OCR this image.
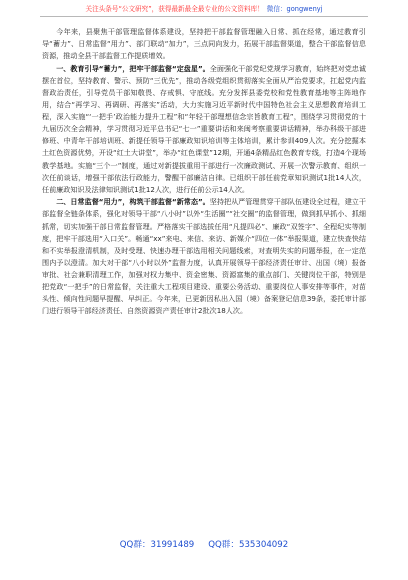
关注头条号“公文研究”，获得最新最全最专业的公文资料库！ 微信：gongwenyj

今年来，县聚焦干部管理监督体系建设，坚持把干部监督管理融入日常、抓在经常，通过教育引导“蓄力”、日常监督“用力”、部门联动“加力”，三点同向发力，拓展干部监督渠道，整合干部监督信息资源，推动全县干部监督工作提质增效。

一、教育引导“蓄力”，把牢干部监督“定盘星”。全面强化干部党纪党规学习教育，始终把对党忠诚摆在首位，坚持教育、警示、预防“三优先”，推动各级党组织贯彻落实全面从严治党要求，扛起党内监督政治责任，引导党员干部知敬畏、存戒惧、守底线。充分发挥县委党校和党性教育基地等主阵地作用，结合“再学习、再调研、再落实”活动，大力实施习近平新时代中国特色社会主义思想教育培训工程，深入实施“‘一把手’政治能力提升工程”和“年轻干部理想信念宗旨教育工程”，围绕学习贯彻党的十九届历次全会精神，学习贯彻习近平总书记“七一”重要讲话和来闽考察重要讲话精神，举办科级干部进修班、中青年干部培训班、新提任领导干部廉政知识培训等主体培训，累计参训409人次。充分挖掘本土红色资源优势，开设“红土大讲堂”，举办“红色课堂”12期，开通4条精品红色教育专线，打造4个现场教学基地。实施“三个一”制度，通过对新提拔重用干部进行一次廉政测试、开展一次警示教育、组织一次任前谈话，增强干部依法行政能力，警醒干部廉洁自律。已组织干部任前党章知识测试1批14人次，任前廉政知识及法律知识测试1批12人次，进行任前公示14人次。

二、日常监督“用力”，构筑干部监督“新常态”。坚持把从严管理贯穿干部队伍建设全过程，建立干部监督全链条体系，强化对领导干部“八小时”以外“生活圈”“社交圈”的监督管理，做到抓早抓小、抓细抓常，切实加强干部日常监督管理。严格落实干部选拔任用“凡提四必”、廉政“双签字”、全程纪实等制度，把牢干部选用“入口关”。畅通“xx”来电、来信、来访、新媒介“四位一体”举报渠道，建立快查快结和不实举报澄清机制，及时受理、快速办理干部选用相关问题线索，对查明失实的问题举报，在一定范围内予以澄清。加大对干部“八小时以外”监督力度，认真开展领导干部经济责任审计、出国（境）报备审批、社会兼职清理工作，加强对权力集中、资金密集、资源富集的重点部门、关键岗位干部，特别是把党政“一把手”的日常监督，关注重大工程项目建设、重要公务活动、重要岗位人事安排等事件，对苗头性、倾向性问题早提醒、早纠正。今年来，已更新因私出入国（境）备案登记信息39条，委托审计部门进行领导干部经济责任、自然资源资产责任审计2批次18人次。

QQ群：31991489 QQ群：535304092
